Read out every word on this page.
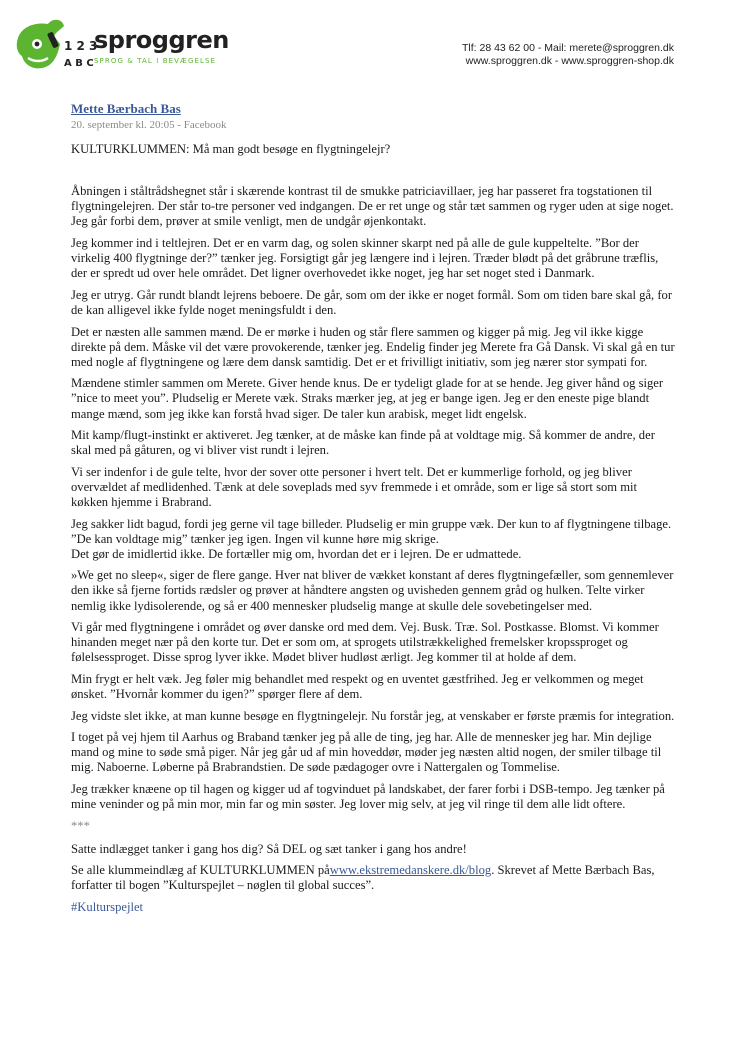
1 2 3
A B C
sproggren
SPROG & TAL I BEVÆGELSE
Tlf: 28 43 62 00 - Mail: merete@sproggren.dk
www.sproggren.dk - www.sproggren-shop.dk
Mette Bærbach Bas
20. september kl. 20:05 - Facebook
KULTURKLUMMEN: Må man godt besøge en flygtningelejr?

Åbningen i ståltrådshegnet står i skærende kontrast til de smukke patriciavillaer, jeg har passeret fra togstationen til flygtningelejren. Der står to-tre personer ved indgangen. De er ret unge og står tæt sammen og ryger uden at sige noget. Jeg går forbi dem, prøver at smile venligt, men de undgår øjenkontakt.

Jeg kommer ind i teltlejren. Det er en varm dag, og solen skinner skarpt ned på alle de gule kuppeltelte. ”Bor der virkelig 400 flygtninge der?” tænker jeg. Forsigtigt går jeg længere ind i lejren. Træder blødt på det gråbrune træflis, der er spredt ud over hele området. Det ligner overhovedet ikke noget, jeg har set noget sted i Danmark.

Jeg er utryg. Går rundt blandt lejrens beboere. De går, som om der ikke er noget formål. Som om tiden bare skal gå, for de kan alligevel ikke fylde noget meningsfuldt i den.

Det er næsten alle sammen mænd. De er mørke i huden og står flere sammen og kigger på mig. Jeg vil ikke kigge direkte på dem. Måske vil det være provokerende, tænker jeg. Endelig finder jeg Merete fra Gå Dansk. Vi skal gå en tur med nogle af flygtningene og lære dem dansk samtidig. Det er et frivilligt initiativ, som jeg nærer stor sympati for.

Mændene stimler sammen om Merete. Giver hende knus. De er tydeligt glade for at se hende. Jeg giver hånd og siger ”nice to meet you”. Pludselig er Merete væk. Straks mærker jeg, at jeg er bange igen. Jeg er den eneste pige blandt mange mænd, som jeg ikke kan forstå hvad siger. De taler kun arabisk, meget lidt engelsk.

Mit kamp/flugt-instinkt er aktiveret. Jeg tænker, at de måske kan finde på at voldtage mig. Så kommer de andre, der skal med på gåturen, og vi bliver vist rundt i lejren.

Vi ser indenfor i de gule telte, hvor der sover otte personer i hvert telt. Det er kummerlige forhold, og jeg bliver overvældet af medlidenhed. Tænk at dele soveplads med syv fremmede i et område, som er lige så stort som mit køkken hjemme i Brabrand.

Jeg sakker lidt bagud, fordi jeg gerne vil tage billeder. Pludselig er min gruppe væk. Der kun to af flygtningene tilbage. ”De kan voldtage mig” tænker jeg igen. Ingen vil kunne høre mig skrige.
Det gør de imidlertid ikke. De fortæller mig om, hvordan det er i lejren. De er udmattede.

»We get no sleep«, siger de flere gange. Hver nat bliver de vækket konstant af deres flygtningefæller, som gennemlever den ikke så fjerne fortids rædsler og prøver at håndtere angsten og uvisheden gennem gråd og hulken. Telte virker nemlig ikke lydisolerende, og så er 400 mennesker pludselig mange at skulle dele sovebetingelser med.

Vi går med flygtningene i området og øver danske ord med dem. Vej. Busk. Træ. Sol. Postkasse. Blomst. Vi kommer hinanden meget nær på den korte tur. Det er som om, at sprogets utilstrækkelighed fremelsker kropssproget og følelsessproget. Disse sprog lyver ikke. Mødet bliver hudløst ærligt. Jeg kommer til at holde af dem.

Min frygt er helt væk. Jeg føler mig behandlet med respekt og en uventet gæstfrihed. Jeg er velkommen og meget ønsket. ”Hvornår kommer du igen?” spørger flere af dem.

Jeg vidste slet ikke, at man kunne besøge en flygtningelejr. Nu forstår jeg, at venskaber er første præmis for integration.

I toget på vej hjem til Aarhus og Braband tænker jeg på alle de ting, jeg har. Alle de mennesker jeg har. Min dejlige mand og mine to søde små piger. Når jeg går ud af min hoveddør, møder jeg næsten altid nogen, der smiler tilbage til mig. Naboerne. Løberne på Brabrandstien. De søde pædagoger ovre i Nattergalen og Tommelise.

Jeg trækker knæene op til hagen og kigger ud af togvinduet på landskabet, der farer forbi i DSB-tempo. Jeg tænker på mine veninder og på min mor, min far og min søster. Jeg lover mig selv, at jeg vil ringe til dem alle lidt oftere.

***

Satte indlægget tanker i gang hos dig? Så DEL og sæt tanker i gang hos andre!

Se alle klummeindlæg af KULTURKLUMMEN påwww.ekstremedanskere.dk/blog. Skrevet af Mette Bærbach Bas, forfatter til bogen ”Kulturspejlet – nøglen til global succes”.

#Kulturspejlet
